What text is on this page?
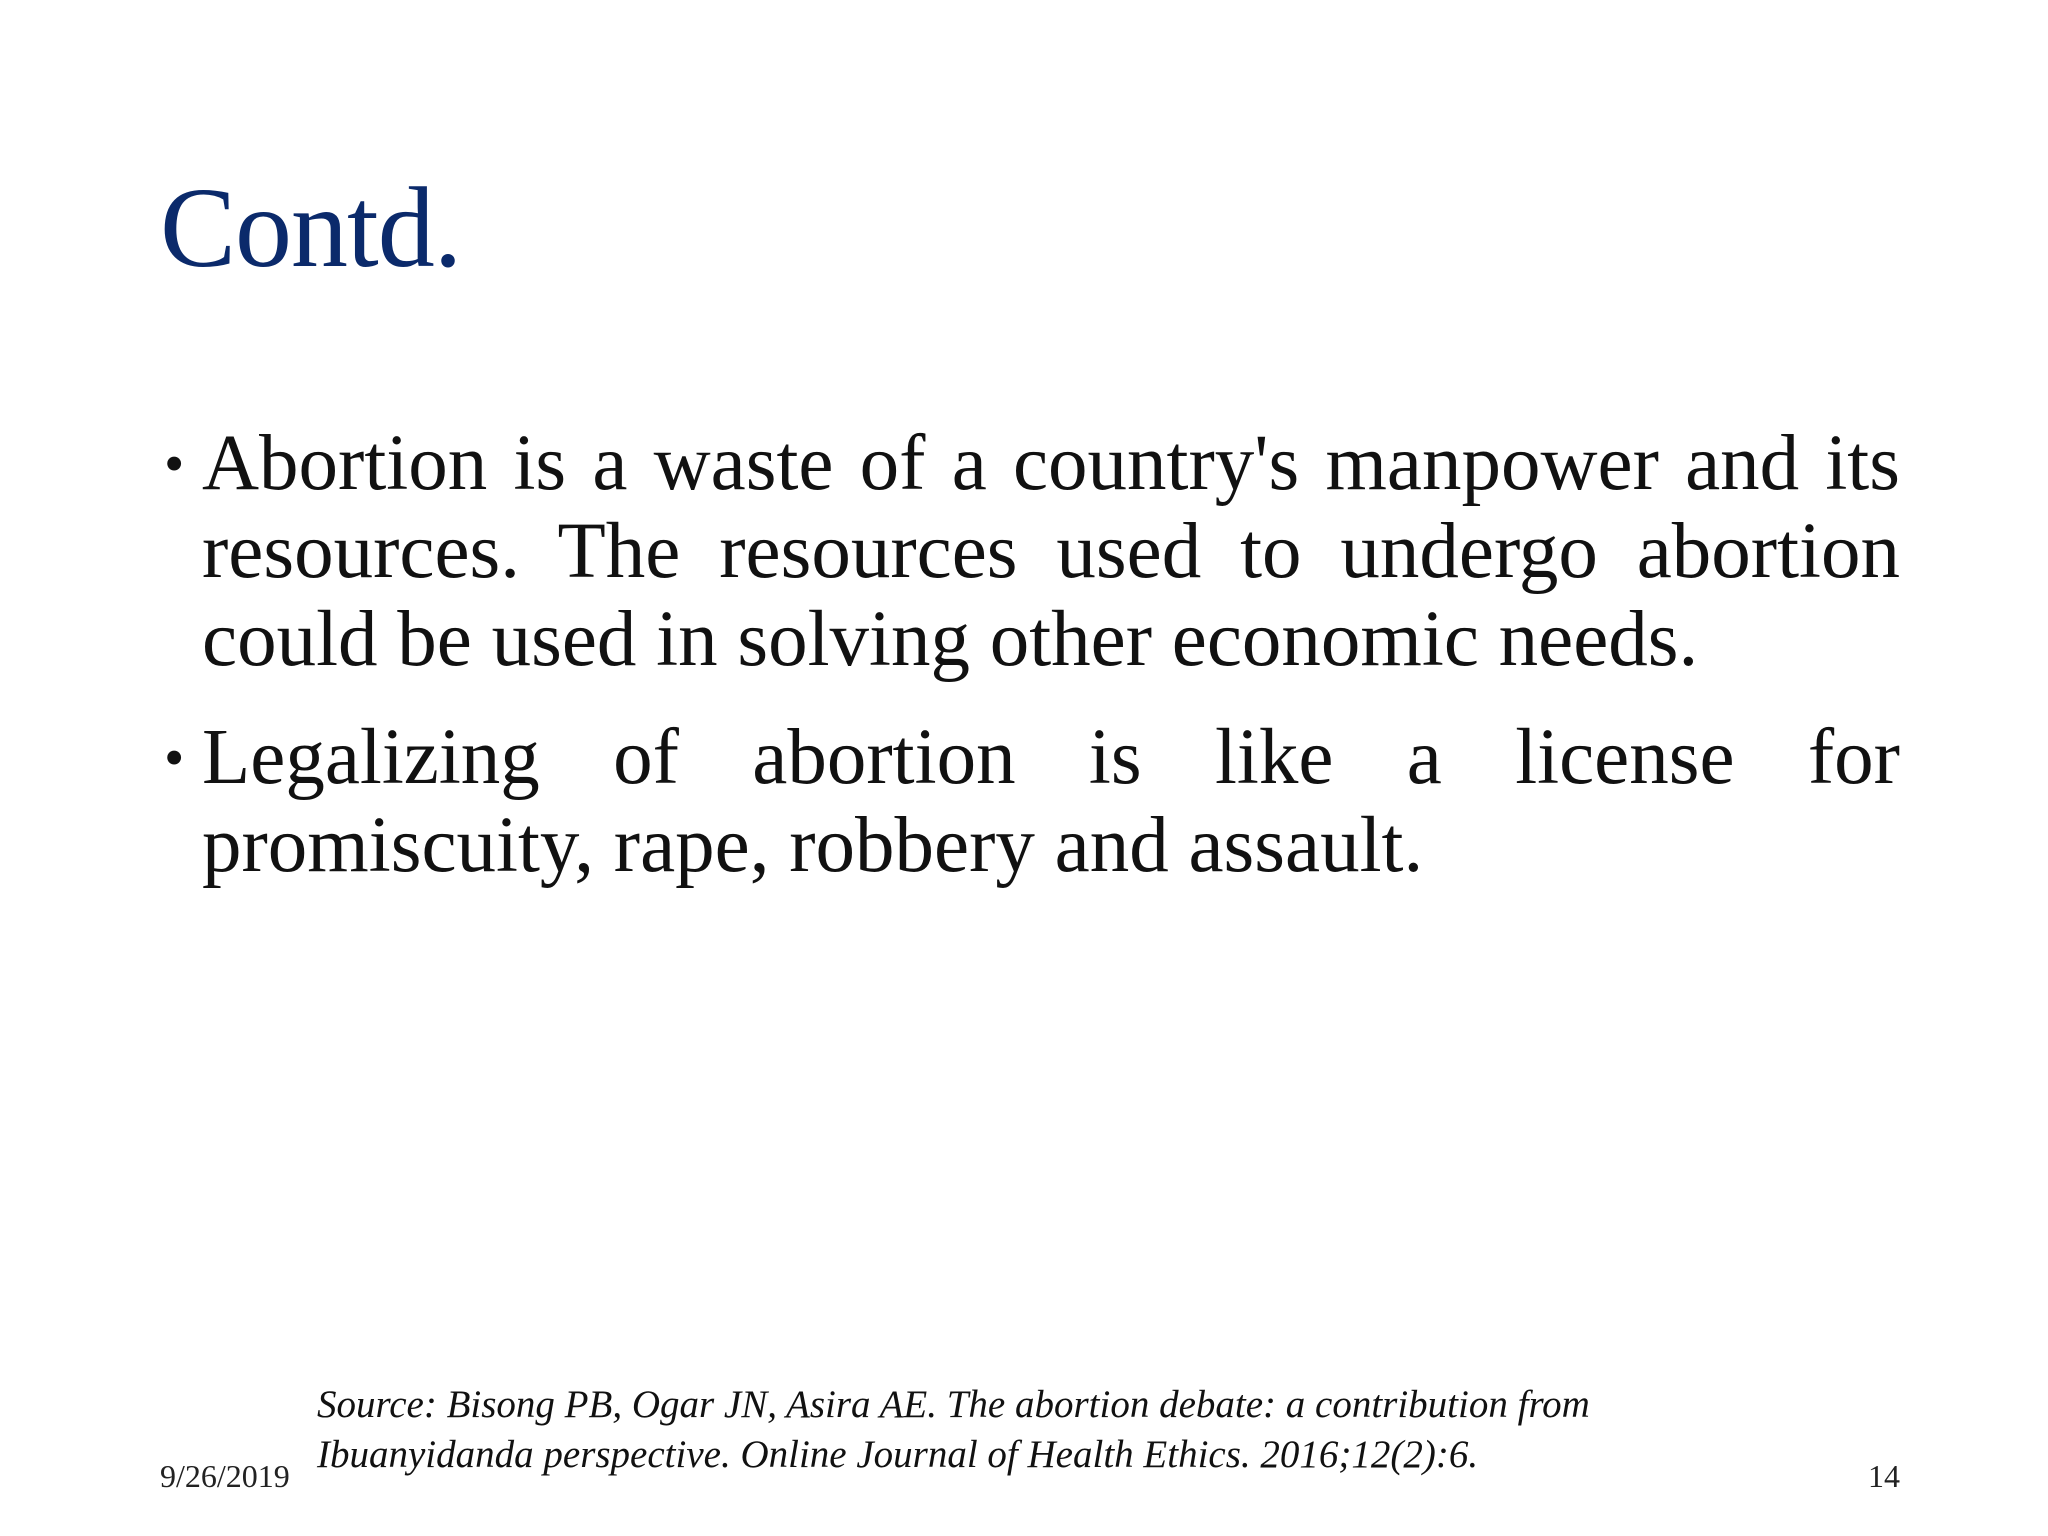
Contd.
• Abortion is a waste of a country's manpower and its resources. The resources used to undergo abortion could be used in solving other economic needs.
• Legalizing of abortion is like a license for promiscuity, rape, robbery and assault.

Source: Bisong PB, Ogar JN, Asira AE. The abortion debate: a contribution from
Ibuanyidanda perspective. Online Journal of Health Ethics. 2016;12(2):6.

9/26/2019	14
